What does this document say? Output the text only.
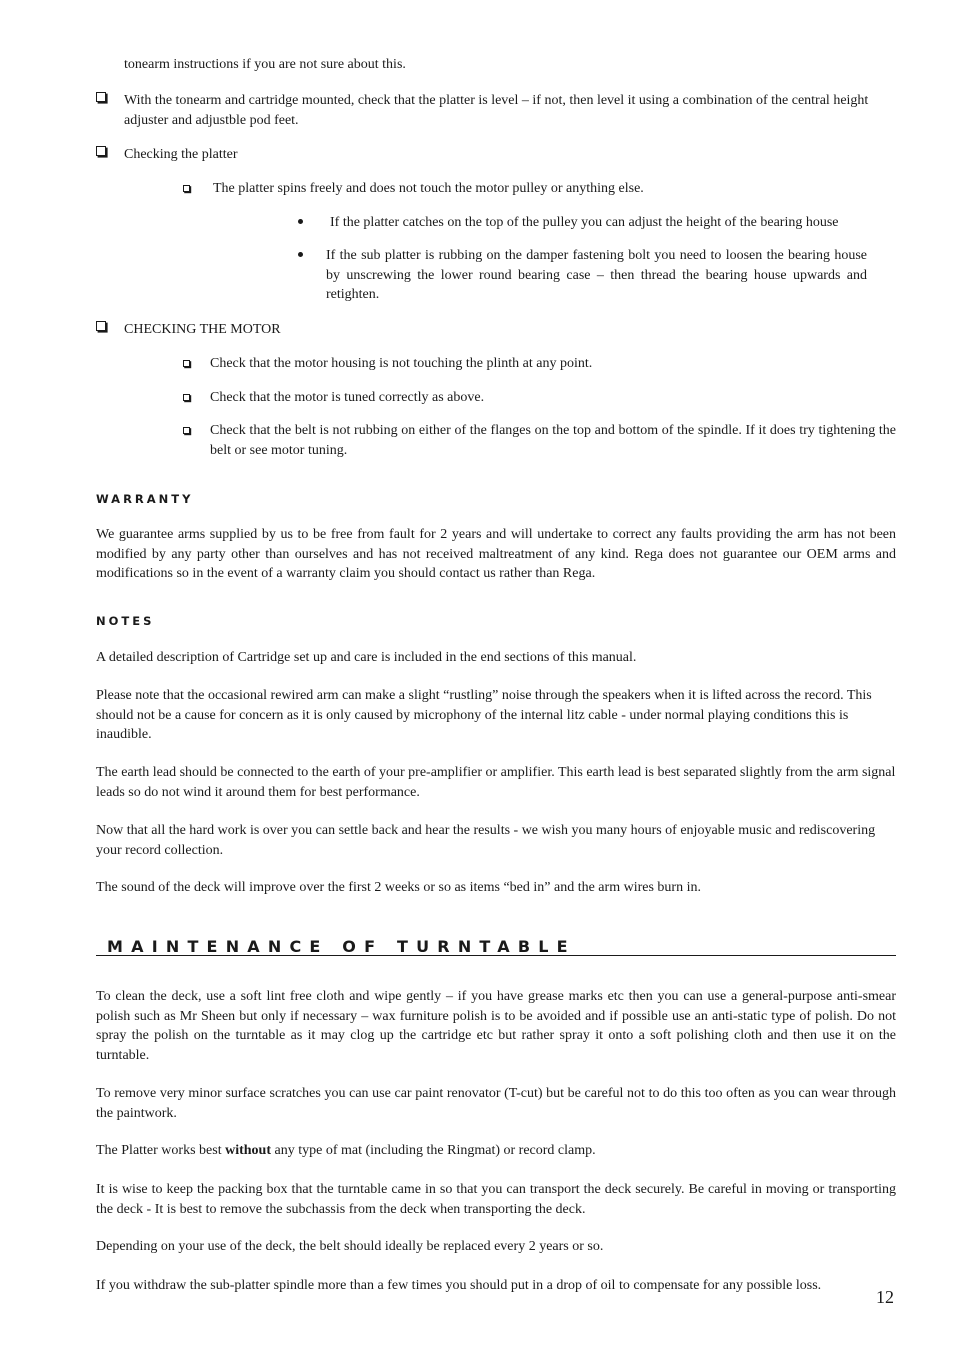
tonearm instructions if you are not sure about this.
With the tonearm and cartridge mounted, check that the platter is level – if not, then level it using a combination of the central height adjuster and adjustble pod feet.
Checking the platter
The platter spins freely and does not touch the motor pulley or anything else.
If the platter catches on the top of the pulley you can adjust the height of the bearing house
If the sub platter is rubbing on the damper fastening bolt you need to loosen the bearing house by unscrewing the lower round bearing case – then thread the bearing house upwards and retighten.
CHECKING THE MOTOR
Check that the motor housing is not touching the plinth at any point.
Check that the motor is tuned correctly as above.
Check that the belt is not rubbing on either of the flanges on the top and bottom of the spindle. If it does try tightening the belt or see motor tuning.
WARRANTY
We guarantee arms supplied by us to be free from fault for 2 years and will undertake to correct any faults providing the arm has not been modified by any party other than ourselves and has not received maltreatment of any kind. Rega does not guarantee our OEM arms and modifications so in the event of a warranty claim you should contact us rather than Rega.
NOTES
A detailed description of Cartridge set up and care is included in the end sections of this manual.
Please note that the occasional rewired arm can make a slight “rustling” noise through the speakers when it is lifted across the record. This should not be a cause for concern as it is only caused by microphony of the internal litz cable - under normal playing conditions this is inaudible.
The earth lead should be connected to the earth of your pre-amplifier or amplifier. This earth lead is best separated slightly from the arm signal leads so do not wind it around them for best performance.
Now that all the hard work is over you can settle back and hear the results - we wish you many hours of enjoyable music and rediscovering your record collection.
The sound of the deck will improve over the first 2 weeks or so as items “bed in” and the arm wires burn in.
MAINTENANCE OF TURNTABLE
To clean the deck, use a soft lint free cloth and wipe gently – if you have grease marks etc then you can use a general-purpose anti-smear polish such as Mr Sheen but only if necessary – wax furniture polish is to be avoided and if possible use an anti-static type of polish. Do not spray the polish on the turntable as it may clog up the cartridge etc but rather spray it onto a soft polishing cloth and then use it on the turntable.
To remove very minor surface scratches you can use car paint renovator (T-cut) but be careful not to do this too often as you can wear through the paintwork.
The Platter works best without any type of mat (including the Ringmat) or record clamp.
It is wise to keep the packing box that the turntable came in so that you can transport the deck securely. Be careful in moving or transporting the deck - It is best to remove the subchassis from the deck when transporting the deck.
Depending on your use of the deck, the belt should ideally be replaced every 2 years or so.
If you withdraw the sub-platter spindle more than a few times you should put in a drop of oil to compensate for any possible loss.
12
